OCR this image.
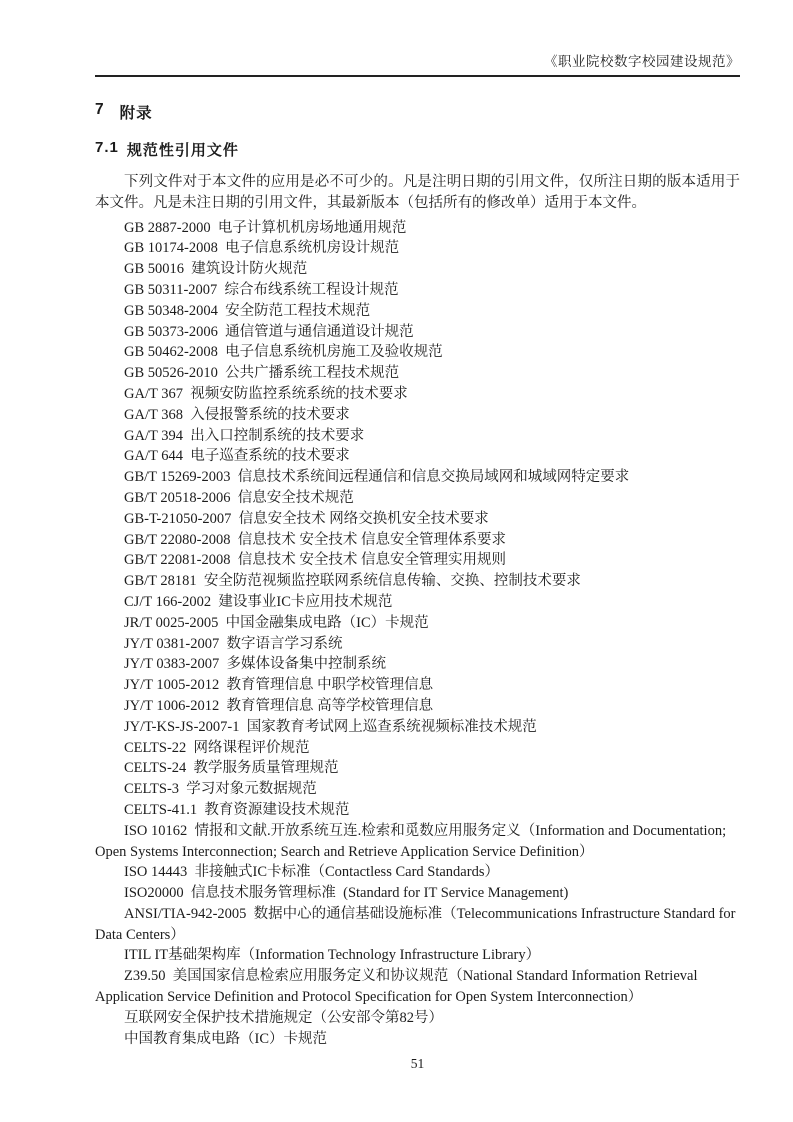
《职业院校数字校园建设规范》
7 附录
7.1 规范性引用文件

下列文件对于本文件的应用是必不可少的。凡是注明日期的引用文件，仅所注日期的版本适用于本文件。凡是未注日期的引用文件，其最新版本（包括所有的修改单）适用于本文件。

GB 2887-2000  电子计算机机房场地通用规范

GB 10174-2008  电子信息系统机房设计规范

GB 50016  建筑设计防火规范

GB 50311-2007  综合布线系统工程设计规范

GB 50348-2004  安全防范工程技术规范

GB 50373-2006  通信管道与通信通道设计规范

GB 50462-2008  电子信息系统机房施工及验收规范

GB 50526-2010  公共广播系统工程技术规范

GA/T 367  视频安防监控系统系统的技术要求

GA/T 368  入侵报警系统的技术要求

GA/T 394  出入口控制系统的技术要求

GA/T 644  电子巡查系统的技术要求

GB/T 15269-2003  信息技术系统间远程通信和信息交换局域网和城域网特定要求

GB/T 20518-2006  信息安全技术规范

GB-T-21050-2007  信息安全技术 网络交换机安全技术要求

GB/T 22080-2008  信息技术 安全技术 信息安全管理体系要求

GB/T 22081-2008  信息技术 安全技术 信息安全管理实用规则

GB/T 28181  安全防范视频监控联网系统信息传输、交换、控制技术要求

CJ/T 166-2002  建设事业IC卡应用技术规范

JR/T 0025-2005  中国金融集成电路（IC）卡规范

JY/T 0381-2007  数字语言学习系统

JY/T 0383-2007  多媒体设备集中控制系统

JY/T 1005-2012  教育管理信息 中职学校管理信息

JY/T 1006-2012  教育管理信息 高等学校管理信息

JY/T-KS-JS-2007-1  国家教育考试网上巡查系统视频标准技术规范

CELTS-22  网络课程评价规范

CELTS-24  教学服务质量管理规范

CELTS-3  学习对象元数据规范

CELTS-41.1  教育资源建设技术规范

ISO 10162  情报和文献.开放系统互连.检索和觅数应用服务定义（Information and Documentation; Open Systems Interconnection; Search and Retrieve Application Service Definition）

ISO 14443  非接触式IC卡标准（Contactless Card Standards）

ISO20000  信息技术服务管理标准  (Standard for IT Service Management)

ANSI/TIA-942-2005  数据中心的通信基础设施标准（Telecommunications Infrastructure Standard for Data Centers）

ITIL IT基础架构库（Information Technology Infrastructure Library）

Z39.50  美国国家信息检索应用服务定义和协议规范（National Standard Information Retrieval Application Service Definition and Protocol Specification for Open System Interconnection）

互联网安全保护技术措施规定（公安部令第82号）

中国教育集成电路（IC）卡规范

51
